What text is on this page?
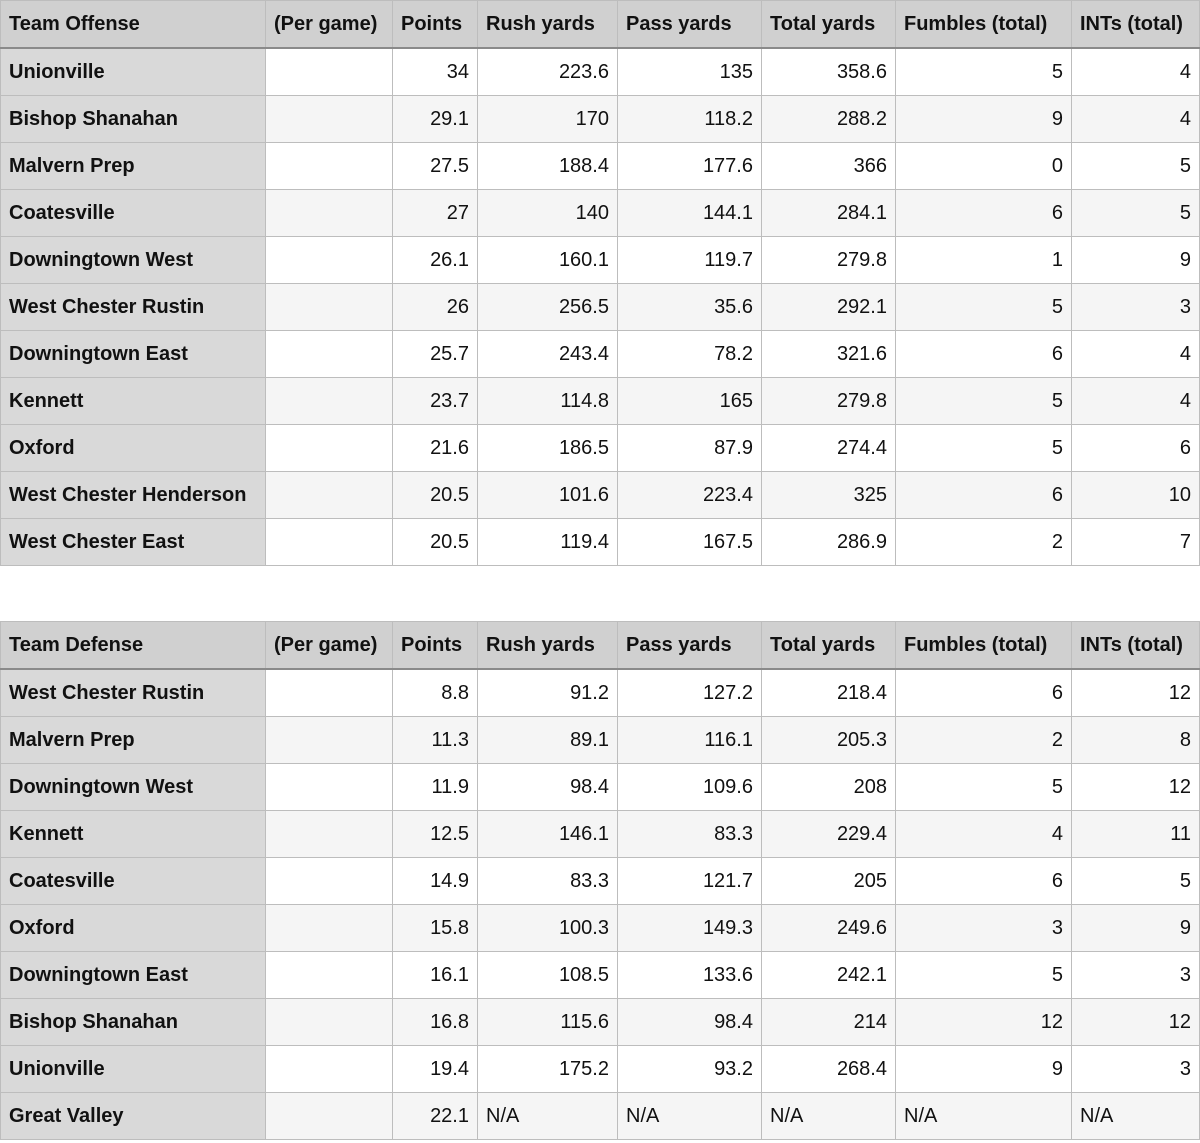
Team Offense	(Per game)	Points	Rush yards	Pass yards	Total yards	Fumbles (total)	INTs (total)
Unionville		34	223.6	135	358.6	5	4
Bishop Shanahan		29.1	170	118.2	288.2	9	4
Malvern Prep		27.5	188.4	177.6	366	0	5
Coatesville		27	140	144.1	284.1	6	5
Downingtown West		26.1	160.1	119.7	279.8	1	9
West Chester Rustin		26	256.5	35.6	292.1	5	3
Downingtown East		25.7	243.4	78.2	321.6	6	4
Kennett		23.7	114.8	165	279.8	5	4
Oxford		21.6	186.5	87.9	274.4	5	6
West Chester Henderson		20.5	101.6	223.4	325	6	10
West Chester East		20.5	119.4	167.5	286.9	2	7
Team Defense	(Per game)	Points	Rush yards	Pass yards	Total yards	Fumbles (total)	INTs (total)
West Chester Rustin		8.8	91.2	127.2	218.4	6	12
Malvern Prep		11.3	89.1	116.1	205.3	2	8
Downingtown West		11.9	98.4	109.6	208	5	12
Kennett		12.5	146.1	83.3	229.4	4	11
Coatesville		14.9	83.3	121.7	205	6	5
Oxford		15.8	100.3	149.3	249.6	3	9
Downingtown East		16.1	108.5	133.6	242.1	5	3
Bishop Shanahan		16.8	115.6	98.4	214	12	12
Unionville		19.4	175.2	93.2	268.4	9	3
Great Valley		22.1	N/A	N/A	N/A	N/A	N/A
